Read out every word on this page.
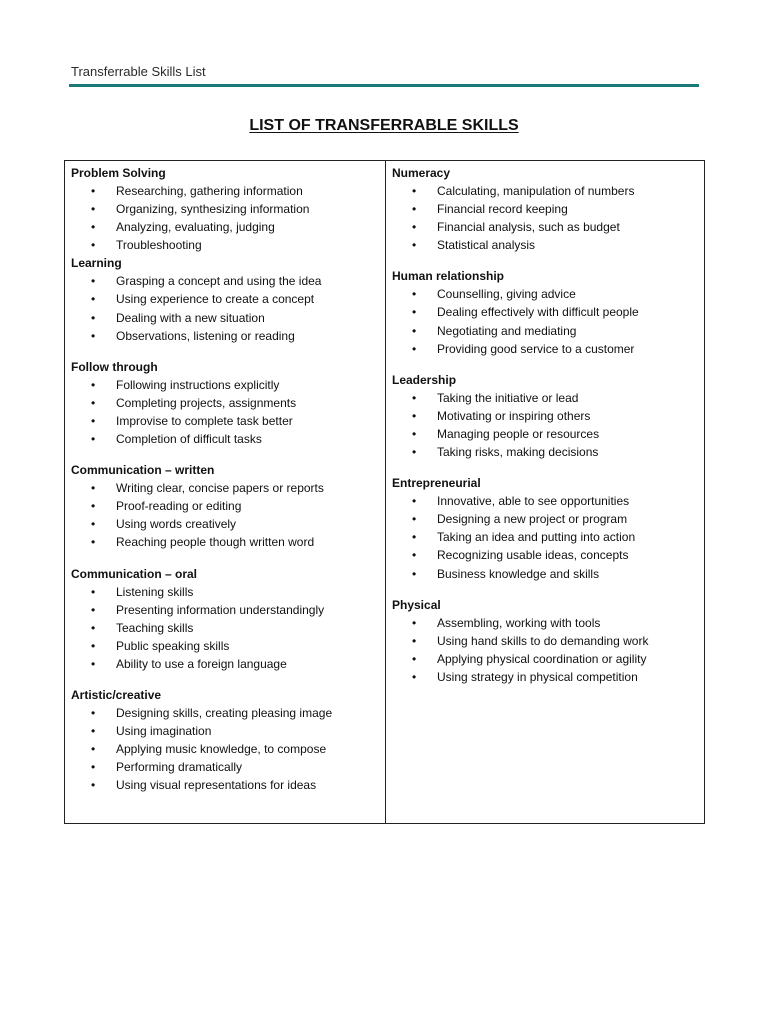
Transferrable Skills List
LIST OF TRANSFERRABLE SKILLS
Problem Solving
• Researching, gathering information
• Organizing, synthesizing information
• Analyzing, evaluating, judging
• Troubleshooting
Learning
• Grasping a concept and using the idea
• Using experience to create a concept
• Dealing with a new situation
• Observations, listening or reading
Follow through
• Following instructions explicitly
• Completing projects, assignments
• Improvise to complete task better
• Completion of difficult tasks
Communication – written
• Writing clear, concise papers or reports
• Proof-reading or editing
• Using words creatively
• Reaching people though written word
Communication – oral
• Listening skills
• Presenting information understandingly
• Teaching skills
• Public speaking skills
• Ability to use a foreign language
Artistic/creative
• Designing skills, creating pleasing image
• Using imagination
• Applying music knowledge, to compose
• Performing dramatically
• Using visual representations for ideas
Numeracy
• Calculating, manipulation of numbers
• Financial record keeping
• Financial analysis, such as budget
• Statistical analysis
Human relationship
• Counselling, giving advice
• Dealing effectively with difficult people
• Negotiating and mediating
• Providing good service to a customer
Leadership
• Taking the initiative or lead
• Motivating or inspiring others
• Managing people or resources
• Taking risks, making decisions
Entrepreneurial
• Innovative, able to see opportunities
• Designing a new project or program
• Taking an idea and putting into action
• Recognizing usable ideas, concepts
• Business knowledge and skills
Physical
• Assembling, working with tools
• Using hand skills to do demanding work
• Applying physical coordination or agility
• Using strategy in physical competition
